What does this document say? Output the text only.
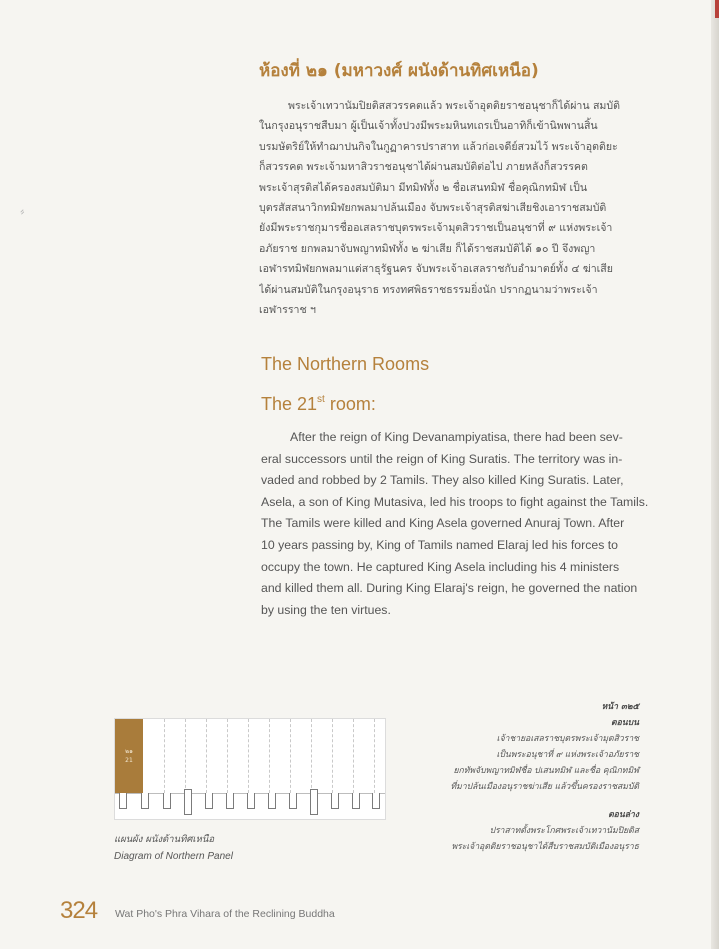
⸗
ห้องที่ ๒๑ (มหาวงศ์ ผนังด้านทิศเหนือ)

พระเจ้าเทวานัมปิยติสสวรรคตแล้ว พระเจ้าอุตติยราชอนุชาก็ได้ผ่าน สมบัติ
ในกรุงอนุราชสืบมา ผู้เป็นเจ้าทั้งปวงมีพระมหินทเถรเป็นอาทิก็เข้านิพพานสิ้น
บรมษัตริย์ให้ทำฌาปนกิจในกูฏาคารปราสาท แล้วก่อเจดีย์สวมไว้ พระเจ้าอุตติยะ
ก็สวรรคต พระเจ้ามหาสิวราชอนุชาได้ผ่านสมบัติต่อไป ภายหลังก็สวรรคต
พระเจ้าสุรติสได้ครองสมบัติมา มีทมิฬทั้ง ๒ ชื่อเสนทมิฬ ชื่อคุณิกทมิฬ เป็น
บุตรสัสสนาวิกทมิฬยกพลมาปล้นเมือง จับพระเจ้าสุรติสฆ่าเสียชิงเอาราชสมบัติ
ยังมีพระราชกุมารชื่ออเสลราชบุตรพระเจ้ามุตสิวราชเป็นอนุชาที่ ๙ แห่งพระเจ้า
อภัยราช ยกพลมาจับพญาทมิฬทั้ง ๒ ฆ่าเสีย ก็ได้ราชสมบัติได้ ๑๐ ปี จึงพญา
เอฬารทมิฬยกพลมาแต่สาธุรัฐนคร จับพระเจ้าอเสลราชกับอำมาตย์ทั้ง ๔ ฆ่าเสีย
ได้ผ่านสมบัติในกรุงอนุราธ ทรงทศพิธราชธรรมยิ่งนัก ปรากฏนามว่าพระเจ้า
เอฬารราช ฯ

The Northern Rooms
The 21st room:

After the reign of King Devanampiyatisa, there had been sev-
eral successors until the reign of King Suratis. The territory was in-
vaded and robbed by 2 Tamils. They also killed King Suratis. Later,
Asela, a son of King Mutasiva, led his troops to fight against the Tamils.
The Tamils were killed and King Asela governed Anuraj Town. After
10 years passing by, King of Tamils named Elaraj led his forces to
occupy the town. He captured King Asela including his 4 ministers
and killed them all. During King Elaraj's reign, he governed the nation
by using the ten virtues.

๒๑
21

แผนผัง ผนังด้านทิศเหนือ

Diagram of Northern Panel

หน้า ๓๒๕
ตอนบน
เจ้าชายอเสลราชบุตรพระเจ้ามุตสิวราช
เป็นพระอนุชาที่ ๙ แห่งพระเจ้าอภัยราช
ยกทัพจับพญาทมิฬชื่อ ปเสนทมิฬ และชื่อ คุณิกทมิฬ
ที่มาปล้นเมืองอนุราชฆ่าเสีย แล้วขึ้นครองราชสมบัติ
ตอนล่าง
ปราสาทตั้งพระโกศพระเจ้าเทวานัมปิยติส
พระเจ้าอุตติยราชอนุชาได้สืบราชสมบัติเมืองอนุราธ

324 Wat Pho's Phra Vihara of the Reclining Buddha
